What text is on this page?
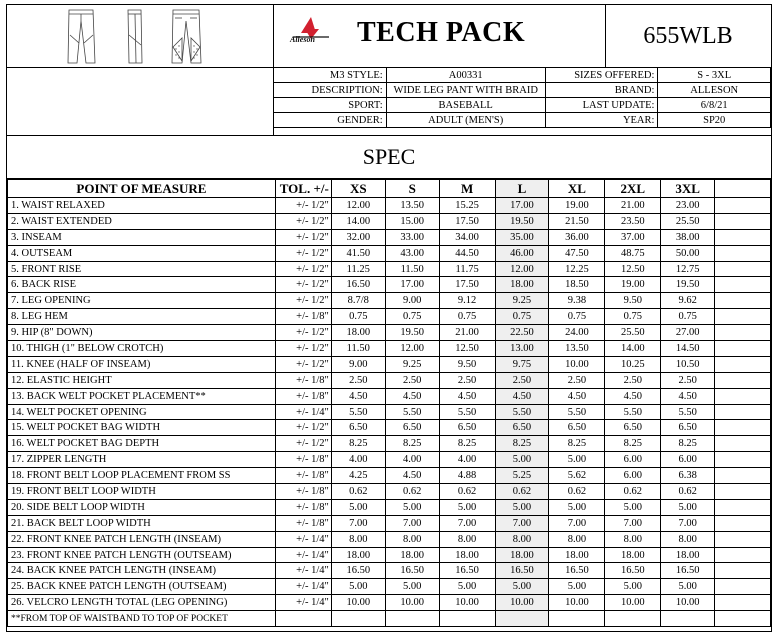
Alleson TECH PACK	655WLB
M3 STYLE:	A00331	SIZES OFFERED:	S - 3XL
DESCRIPTION:	WIDE LEG PANT WITH BRAID	BRAND:	ALLESON
SPORT:	BASEBALL	LAST UPDATE:	6/8/21
GENDER:	ADULT (MEN'S)	YEAR:	SP20
SPEC
POINT OF MEASURE	TOL. +/-	XS	S	M	L	XL	2XL	3XL	
1. WAIST RELAXED	+/- 1/2"	12.00	13.50	15.25	17.00	19.00	21.00	23.00	
2. WAIST EXTENDED	+/- 1/2"	14.00	15.00	17.50	19.50	21.50	23.50	25.50	
3. INSEAM	+/- 1/2"	32.00	33.00	34.00	35.00	36.00	37.00	38.00	
4. OUTSEAM	+/- 1/2"	41.50	43.00	44.50	46.00	47.50	48.75	50.00	
5. FRONT RISE	+/- 1/2"	11.25	11.50	11.75	12.00	12.25	12.50	12.75	
6. BACK RISE	+/- 1/2"	16.50	17.00	17.50	18.00	18.50	19.00	19.50	
7. LEG OPENING	+/- 1/2"	8.7/8	9.00	9.12	9.25	9.38	9.50	9.62	
8. LEG HEM	+/- 1/8"	0.75	0.75	0.75	0.75	0.75	0.75	0.75	
9. HIP (8" DOWN)	+/- 1/2"	18.00	19.50	21.00	22.50	24.00	25.50	27.00	
10. THIGH (1" BELOW CROTCH)	+/- 1/2"	11.50	12.00	12.50	13.00	13.50	14.00	14.50	
11. KNEE (HALF OF INSEAM)	+/- 1/2"	9.00	9.25	9.50	9.75	10.00	10.25	10.50	
12. ELASTIC HEIGHT	+/- 1/8"	2.50	2.50	2.50	2.50	2.50	2.50	2.50	
13. BACK WELT POCKET PLACEMENT**	+/- 1/8"	4.50	4.50	4.50	4.50	4.50	4.50	4.50	
14. WELT POCKET OPENING	+/- 1/4"	5.50	5.50	5.50	5.50	5.50	5.50	5.50	
15. WELT POCKET BAG WIDTH	+/- 1/2"	6.50	6.50	6.50	6.50	6.50	6.50	6.50	
16. WELT POCKET BAG DEPTH	+/- 1/2"	8.25	8.25	8.25	8.25	8.25	8.25	8.25	
17. ZIPPER LENGTH	+/- 1/8"	4.00	4.00	4.00	5.00	5.00	6.00	6.00	
18. FRONT BELT LOOP PLACEMENT FROM SS	+/- 1/8"	4.25	4.50	4.88	5.25	5.62	6.00	6.38	
19. FRONT BELT LOOP WIDTH	+/- 1/8"	0.62	0.62	0.62	0.62	0.62	0.62	0.62	
20. SIDE BELT LOOP WIDTH	+/- 1/8"	5.00	5.00	5.00	5.00	5.00	5.00	5.00	
21. BACK BELT LOOP WIDTH	+/- 1/8"	7.00	7.00	7.00	7.00	7.00	7.00	7.00	
22. FRONT KNEE PATCH LENGTH (INSEAM)	+/- 1/4"	8.00	8.00	8.00	8.00	8.00	8.00	8.00	
23. FRONT KNEE PATCH LENGTH (OUTSEAM)	+/- 1/4"	18.00	18.00	18.00	18.00	18.00	18.00	18.00	
24. BACK KNEE PATCH LENGTH (INSEAM)	+/- 1/4"	16.50	16.50	16.50	16.50	16.50	16.50	16.50	
25. BACK KNEE PATCH LENGTH (OUTSEAM)	+/- 1/4"	5.00	5.00	5.00	5.00	5.00	5.00	5.00	
26. VELCRO LENGTH TOTAL (LEG OPENING)	+/- 1/4"	10.00	10.00	10.00	10.00	10.00	10.00	10.00	
**FROM TOP OF WAISTBAND TO TOP OF POCKET									
